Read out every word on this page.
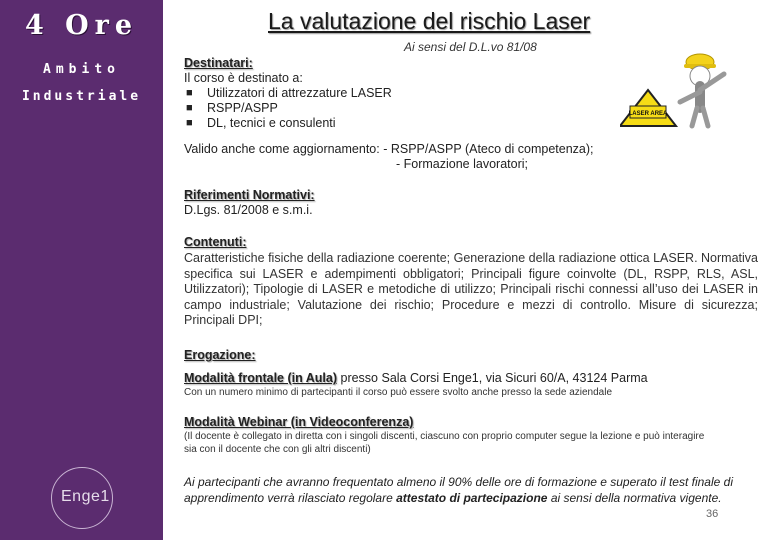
4 Ore
Ambito
Industriale
Enge1
La valutazione del rischio Laser
Ai sensi del D.L.vo 81/08
Destinatari:
Il corso è destinato a:
■ Utilizzatori di attrezzature LASER
■ RSPP/ASPP
■ DL, tecnici e consulenti
LASER AREA
Valido anche come aggiornamento: - RSPP/ASPP (Ateco di competenza);
- Formazione lavoratori;
Riferimenti Normativi:
D.Lgs. 81/2008 e s.m.i.
Contenuti:
Caratteristiche fisiche della radiazione coerente; Generazione della radiazione ottica LASER. Normativa specifica sui LASER e adempimenti obbligatori; Principali figure coinvolte (DL, RSPP, RLS, ASL, Utilizzatori); Tipologie di LASER e metodiche di utilizzo; Principali rischi connessi all’uso dei LASER in campo industriale; Valutazione dei rischio; Procedure e mezzi di controllo. Misure di sicurezza; Principali DPI;
Erogazione:
Modalità frontale (in Aula) presso Sala Corsi Enge1, via Sicuri 60/A, 43124 Parma
Con un numero minimo di partecipanti il corso può essere svolto anche presso la sede aziendale
Modalità Webinar (in Videoconferenza)
(Il docente è collegato in diretta con i singoli discenti, ciascuno con proprio computer segue la lezione e può interagire
sia con il docente che con gli altri discenti)
Ai partecipanti che avranno frequentato almeno il 90% delle ore di formazione e superato il test finale di apprendimento verrà rilasciato regolare attestato di partecipazione ai sensi della normativa vigente.
36
